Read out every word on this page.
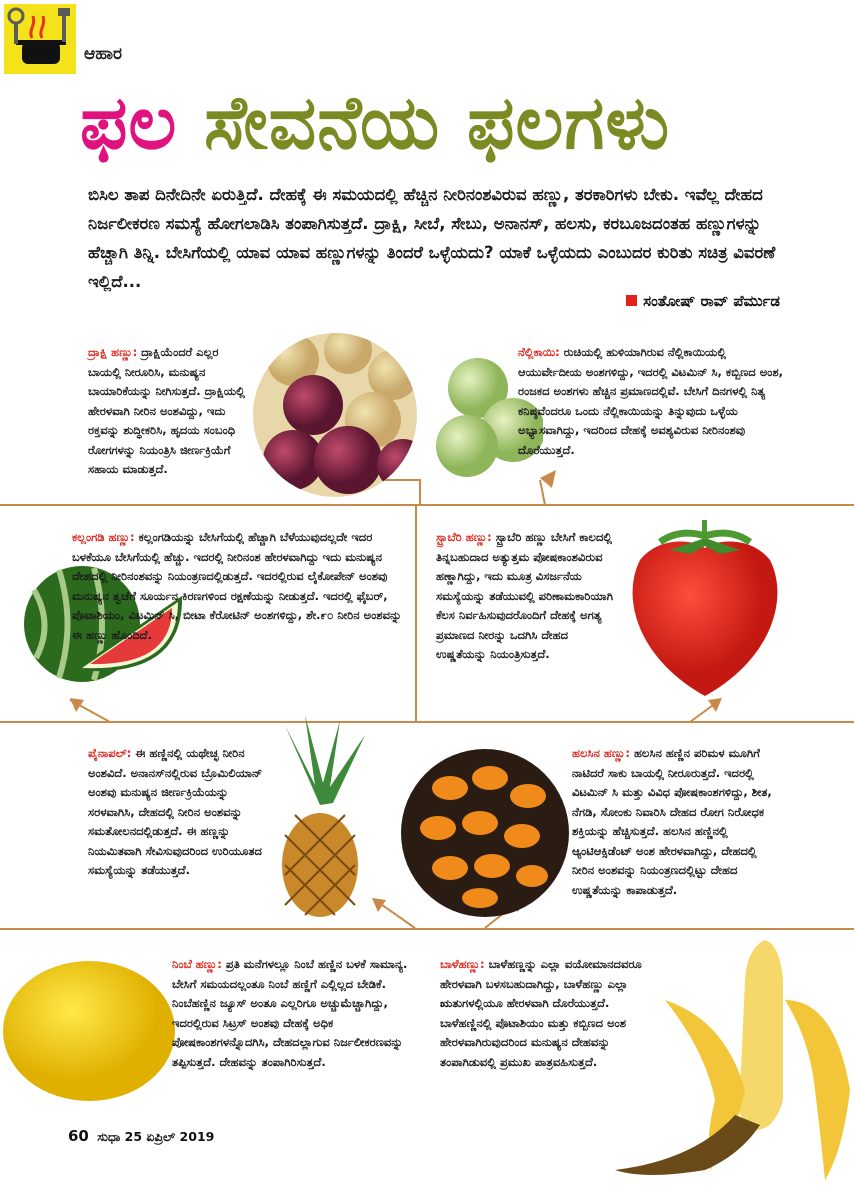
ಆಹಾರ
ಫಲ ಸೇವನೆಯ ಫಲಗಳು
ಬಿಸಿಲ ತಾಪ ದಿನೇದಿನೇ ಏರುತ್ತಿದೆ. ದೇಹಕ್ಕೆ ಈ ಸಮಯದಲ್ಲಿ ಹೆಚ್ಚಿನ ನೀರಿನಂಶವಿರುವ ಹಣ್ಣು, ತರಕಾರಿಗಳು ಬೇಕು. ಇವೆಲ್ಲ ದೇಹದ ನಿರ್ಜಲೀಕರಣ ಸಮಸ್ಯೆ ಹೋಗಲಾಡಿಸಿ ತಂಪಾಗಿಸುತ್ತದೆ. ದ್ರಾಕ್ಷಿ, ಸೀಬೆ, ಸೇಬು, ಅನಾನಸ್, ಹಲಸು, ಕರಬೂಜದಂತಹ ಹಣ್ಣುಗಳನ್ನು ಹೆಚ್ಚಾಗಿ ತಿನ್ನಿ. ಬೇಸಿಗೆಯಲ್ಲಿ ಯಾವ ಯಾವ ಹಣ್ಣುಗಳನ್ನು ತಿಂದರೆ ಒಳ್ಳೆಯದು? ಯಾಕೆ ಒಳ್ಳೆಯದು ಎಂಬುದರ ಕುರಿತು ಸಚಿತ್ರ ವಿವರಣೆ ಇಲ್ಲಿದೆ...
ಸಂತೋಷ್ ರಾವ್ ಪೆರ್ಮುಡ
ದ್ರಾಕ್ಷಿ ಹಣ್ಣು: ದ್ರಾಕ್ಷಿಯೆಂದರೆ ಎಲ್ಲರ ಬಾಯಲ್ಲಿ ನೀರೂರಿಸಿ, ಮನುಷ್ಯನ ಬಾಯಾರಿಕೆಯನ್ನು ನೀಗಿಸುತ್ತದೆ. ದ್ರಾಕ್ಷಿಯಲ್ಲಿ ಹೇರಳವಾಗಿ ನೀರಿನ ಅಂಶವಿದ್ದು, ಇದು ರಕ್ತವನ್ನು ಶುದ್ಧೀಕರಿಸಿ, ಹೃದಯ ಸಂಬಂಧಿ ರೋಗಗಳನ್ನು ನಿಯಂತ್ರಿಸಿ ಜೀರ್ಣಕ್ರಿಯೆಗೆ ಸಹಾಯ ಮಾಡುತ್ತದೆ.
ನೆಲ್ಲಿಕಾಯಿ: ರುಚಿಯಲ್ಲಿ ಹುಳಿಯಾಗಿರುವ ನೆಲ್ಲಿಕಾಯಿಯಲ್ಲಿ ಆಯುರ್ವೇದೀಯ ಅಂಶಗಳಿದ್ದು, ಇದರಲ್ಲಿ ವಿಟಮಿನ್ ಸಿ, ಕಬ್ಬಿಣದ ಅಂಶ, ರಂಜಕದ ಅಂಶಗಳು ಹೆಚ್ಚಿನ ಪ್ರಮಾಣದಲ್ಲಿವೆ. ಬೇಸಿಗೆ ದಿನಗಳಲ್ಲಿ ನಿತ್ಯ ಕನಿಷ್ಠವೆಂದರೂ ಒಂದು ನೆಲ್ಲಿಕಾಯಿಯನ್ನು ತಿನ್ನುವುದು ಒಳ್ಳೆಯ ಅಭ್ಯಾಸವಾಗಿದ್ದು, ಇದರಿಂದ ದೇಹಕ್ಕೆ ಅವಶ್ಯವಿರುವ ನೀರಿನಂಶವು ದೊರೆಯುತ್ತದೆ.
ಕಲ್ಲಂಗಡಿ ಹಣ್ಣು: ಕಲ್ಲಂಗಡಿಯನ್ನು ಬೇಸಿಗೆಯಲ್ಲಿ ಹೆಚ್ಚಾಗಿ ಬೆಳೆಯುವುದಲ್ಲದೇ ಇದರ ಬಳಕೆಯೂ ಬೇಸಿಗೆಯಲ್ಲಿ ಹೆಚ್ಚು. ಇದರಲ್ಲಿ ನೀರಿನಂಶ ಹೇರಳವಾಗಿದ್ದು ಇದು ಮನುಷ್ಯನ ದೇಹದಲ್ಲಿ ನೀರಿನಂಶವನ್ನು ನಿಯಂತ್ರಣದಲ್ಲಿಡುತ್ತದೆ. ಇದರಲ್ಲಿರುವ ಲೈಕೋಪೇನ್ ಅಂಶವು ಮನುಷ್ಯನ ತ್ವಚೆಗೆ ಸೂರ್ಯನ ಕಿರಣಗಳಿಂದ ರಕ್ಷಣೆಯನ್ನು ನೀಡುತ್ತದೆ. ಇದರಲ್ಲಿ ಫೈಬರ್, ಪೊಟಾಶಿಯಂ, ವಿಟಮಿನ್ ಸಿ, ಬೀಟಾ ಕೆರೋಟಿನ್ ಅಂಶಗಳಿದ್ದು, ಶೇ.೯೦ ನೀರಿನ ಅಂಶವನ್ನು ಈ ಹಣ್ಣು ಹೊಂದಿದೆ.
ಸ್ಟ್ರಾಬೆರಿ ಹಣ್ಣು: ಸ್ಟ್ರಾಬೆರಿ ಹಣ್ಣು ಬೇಸಿಗೆ ಕಾಲದಲ್ಲಿ ತಿನ್ನಬಹುದಾದ ಅತ್ಯುತ್ತಮ ಪೋಷಕಾಂಶವಿರುವ ಹಣ್ಣಾಗಿದ್ದು, ಇದು ಮೂತ್ರ ವಿಸರ್ಜನೆಯ ಸಮಸ್ಯೆಯನ್ನು ತಡೆಯುವಲ್ಲಿ ಪರಿಣಾಮಕಾರಿಯಾಗಿ ಕೆಲಸ ನಿರ್ವಹಿಸುವುದರೊಂದಿಗೆ ದೇಹಕ್ಕೆ ಅಗತ್ಯ ಪ್ರಮಾಣದ ನೀರನ್ನು ಒದಗಿಸಿ ದೇಹದ ಉಷ್ಣತೆಯನ್ನು ನಿಯಂತ್ರಿಸುತ್ತದೆ.
ಪೈನಾಪಲ್: ಈ ಹಣ್ಣಿನಲ್ಲಿ ಯಥೇಚ್ಛ ನೀರಿನ ಅಂಶವಿದೆ. ಅನಾನಸ್‌ನಲ್ಲಿರುವ ಬ್ರೊಮಿಲಿಯಾನ್ ಅಂಶವು ಮನುಷ್ಯನ ಜೀರ್ಣಕ್ರಿಯೆಯನ್ನು ಸರಳವಾಗಿಸಿ, ದೇಹದಲ್ಲಿ ನೀರಿನ ಅಂಶವನ್ನು ಸಮತೋಲನದಲ್ಲಿಡುತ್ತದೆ. ಈ ಹಣ್ಣನ್ನು ನಿಯಮಿತವಾಗಿ ಸೇವಿಸುವುದರಿಂದ ಉರಿಯೂತದ ಸಮಸ್ಯೆಯನ್ನು ತಡೆಯುತ್ತದೆ.
ಹಲಸಿನ ಹಣ್ಣು: ಹಲಸಿನ ಹಣ್ಣಿನ ಪರಿಮಳ ಮೂಗಿಗೆ ನಾಟಿದರೆ ಸಾಕು ಬಾಯಲ್ಲಿ ನೀರೂರುತ್ತದೆ. ಇದರಲ್ಲಿ ವಿಟಮಿನ್ ಸಿ ಮತ್ತು ವಿವಿಧ ಪೋಷಕಾಂಶಗಳಿದ್ದು, ಶೀತ, ನೆಗಡಿ, ಸೋಂಕು ನಿವಾರಿಸಿ ದೇಹದ ರೋಗ ನಿರೋಧಕ ಶಕ್ತಿಯನ್ನು ಹೆಚ್ಚಿಸುತ್ತದೆ. ಹಲಸಿನ ಹಣ್ಣಿನಲ್ಲಿ ಆ್ಯಂಟಿಆಕ್ಸಿಡೆಂಟ್ ಅಂಶ ಹೇರಳವಾಗಿದ್ದು, ದೇಹದಲ್ಲಿ ನೀರಿನ ಅಂಶವನ್ನು ನಿಯಂತ್ರಣದಲ್ಲಿಟ್ಟು ದೇಹದ ಉಷ್ಣತೆಯನ್ನು ಕಾಪಾಡುತ್ತದೆ.
ನಿಂಬೆ ಹಣ್ಣು: ಪ್ರತಿ ಮನೆಗಳಲ್ಲೂ ನಿಂಬೆ ಹಣ್ಣಿನ ಬಳಕೆ ಸಾಮಾನ್ಯ. ಬೇಸಿಗೆ ಸಮಯದಲ್ಲಂತೂ ನಿಂಬೆ ಹಣ್ಣಿಗೆ ಎಲ್ಲಿಲ್ಲದ ಬೇಡಿಕೆ. ನಿಂಬೆಹಣ್ಣಿನ ಜ್ಯೂಸ್ ಅಂತೂ ಎಲ್ಲರಿಗೂ ಅಚ್ಚುಮೆಚ್ಚಾಗಿದ್ದು, ಇದರಲ್ಲಿರುವ ಸಿಟ್ರಸ್ ಅಂಶವು ದೇಹಕ್ಕೆ ಅಧಿಕ ಪೋಷಕಾಂಶಗಳನ್ನೊದಗಿಸಿ, ದೇಹದಲ್ಲಾಗುವ ನಿರ್ಜಲೀಕರಣವನ್ನು ತಪ್ಪಿಸುತ್ತದೆ. ದೇಹವನ್ನು ತಂಪಾಗಿರಿಸುತ್ತದೆ.
ಬಾಳೆಹಣ್ಣು: ಬಾಳೆಹಣ್ಣನ್ನು ಎಲ್ಲಾ ವಯೋಮಾನದವರೂ ಹೇರಳವಾಗಿ ಬಳಸಬಹುದಾಗಿದ್ದು, ಬಾಳೆಹಣ್ಣು ಎಲ್ಲಾ ಋತುಗಳಲ್ಲಿಯೂ ಹೇರಳವಾಗಿ ದೊರೆಯುತ್ತದೆ. ಬಾಳೆಹಣ್ಣಿನಲ್ಲಿ ಪೊಟಾಶಿಯಂ ಮತ್ತು ಕಬ್ಬಿಣದ ಅಂಶ ಹೇರಳವಾಗಿರುವುದರಿಂದ ಮನುಷ್ಯನ ದೇಹವನ್ನು ತಂಪಾಗಿಡುವಲ್ಲಿ ಪ್ರಮುಖ ಪಾತ್ರವಹಿಸುತ್ತದೆ.
60 ಸುಧಾ 25 ಏಪ್ರಿಲ್ 2019
